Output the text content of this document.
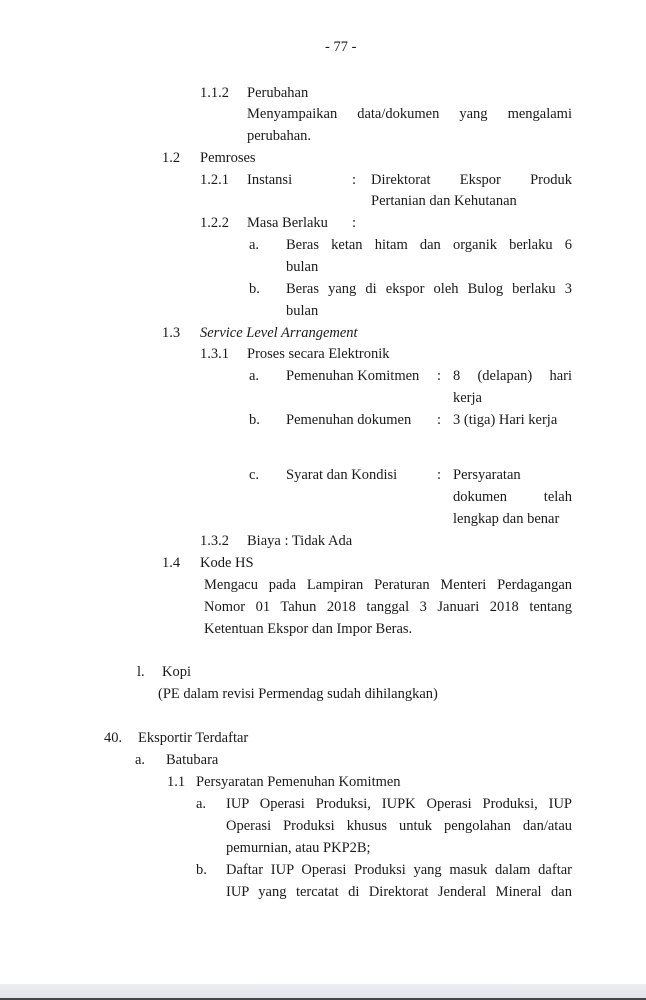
- 77 -
1.1.2 Perubahan
Menyampaikan data/dokumen yang mengalami
perubahan.
1.2 Pemroses
1.2.1 Instansi	: Direktorat Ekspor Produk
Pertanian dan Kehutanan
1.2.2 Masa Berlaku :
a. Beras ketan hitam dan organik berlaku 6
bulan
b. Beras yang di ekspor oleh Bulog berlaku 3
bulan
1.3 Service Level Arrangement
1.3.1 Proses secara Elektronik
a. Pemenuhan Komitmen : 8 (delapan) hari
kerja
b. Pemenuhan dokumen : 3 (tiga) Hari kerja
c. Syarat dan Kondisi	: Persyaratan
dokumen telah
lengkap dan benar
1.3.2 Biaya : Tidak Ada
1.4 Kode HS
Mengacu pada Lampiran Peraturan Menteri Perdagangan
Nomor 01 Tahun 2018 tanggal 3 Januari 2018 tentang
Ketentuan Ekspor dan Impor Beras.
l. Kopi
(PE dalam revisi Permendag sudah dihilangkan)
40. Eksportir Terdaftar
a. Batubara
1.1 Persyaratan Pemenuhan Komitmen
a. IUP Operasi Produksi, IUPK Operasi Produksi, IUP
Operasi Produksi khusus untuk pengolahan dan/atau
pemurnian, atau PKP2B;
b. Daftar IUP Operasi Produksi yang masuk dalam daftar
IUP yang tercatat di Direktorat Jenderal Mineral dan
